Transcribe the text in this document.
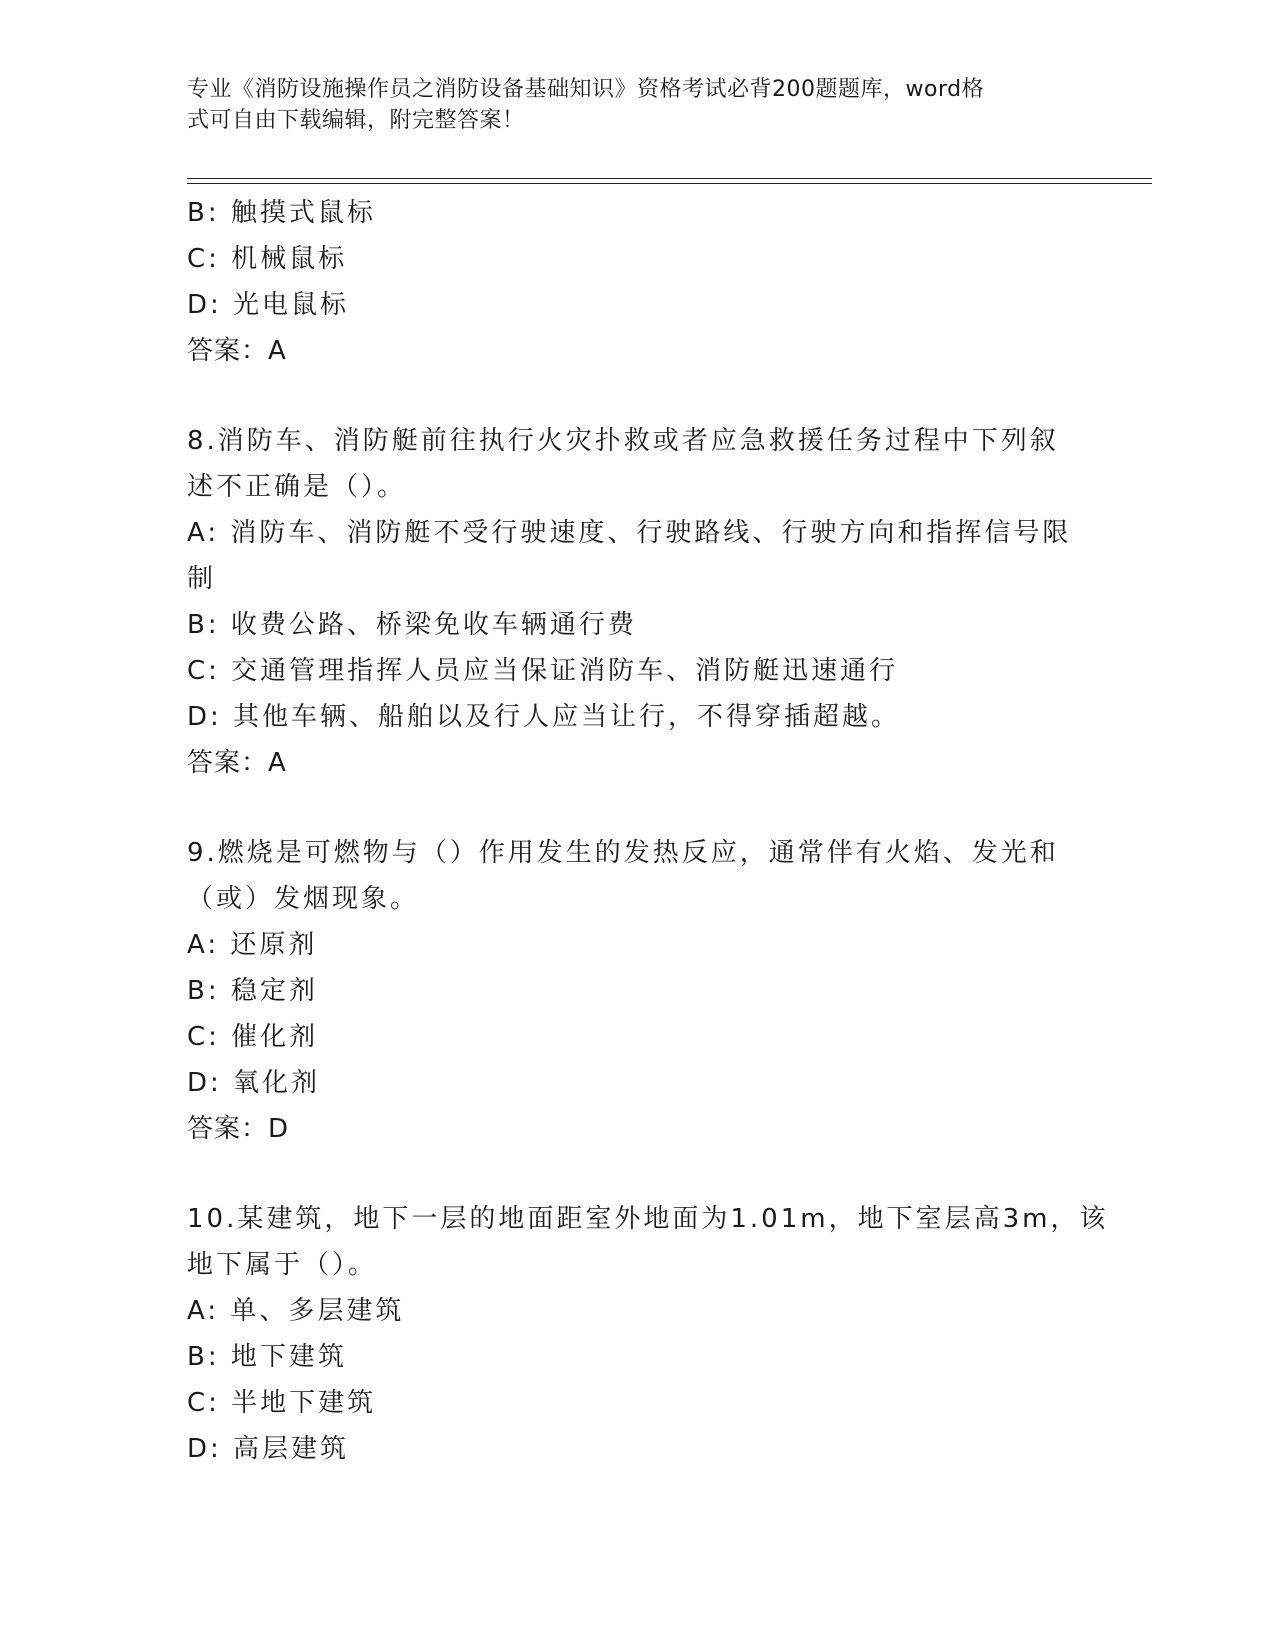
专业《消防设施操作员之消防设备基础知识》资格考试必背200题题库，word格
式可自由下载编辑，附完整答案！
B: 触摸式鼠标
C: 机械鼠标
D: 光电鼠标
答案：A
8.消防车、消防艇前往执行火灾扑救或者应急救援任务过程中下列叙
述不正确是（）。
A: 消防车、消防艇不受行驶速度、行驶路线、行驶方向和指挥信号限
制
B: 收费公路、桥梁免收车辆通行费
C: 交通管理指挥人员应当保证消防车、消防艇迅速通行
D: 其他车辆、船舶以及行人应当让行，不得穿插超越。
答案：A
9.燃烧是可燃物与（）作用发生的发热反应，通常伴有火焰、发光和
（或）发烟现象。
A: 还原剂
B: 稳定剂
C: 催化剂
D: 氧化剂
答案：D
10.某建筑，地下一层的地面距室外地面为1.01m，地下室层高3m，该
地下属于（）。
A: 单、多层建筑
B: 地下建筑
C: 半地下建筑
D: 高层建筑
